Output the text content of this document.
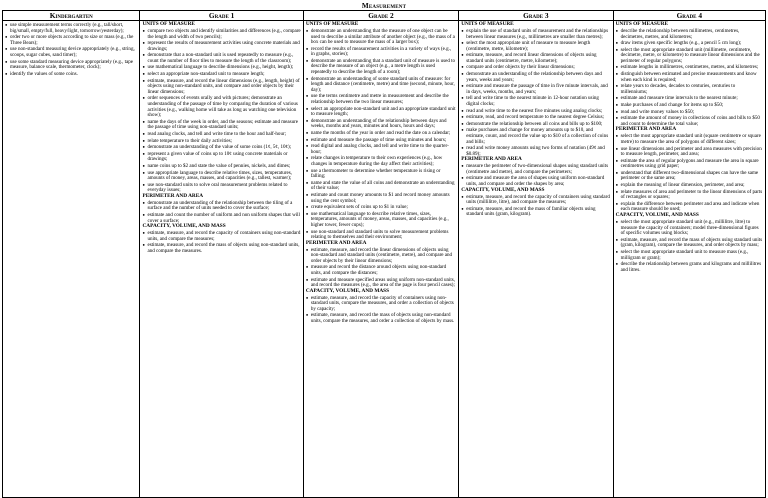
Measurement
Kindergarten

● use simple measurement terms correctly (e.g., tall/short, big/small, empty/full, heavy/light, tomorrow/yesterday);

● order two or more objects according to size or mass (e.g., the Three Bears);

● use non-standard measuring device appropriately (e.g., string, scoops, sugar cubes, sand timer);

● use some standard measuring device appropriately (e.g., tape measure, balance scale, thermometer, clock);

● identify the values of some coins.

Grade 1
UNITS OF MEASURE

● compare two objects and identify similarities and differences (e.g., compare the length and width of two pencils);

● represent the results of measurement activities using concrete materials and drawings;

● demonstrate that a non-standard unit is used repeatedly to measure (e.g., count the number of floor tiles to measure the length of the classroom);

● use mathematical language to describe dimensions (e.g., height, length);

● select an appropriate non-standard unit to measure length;

● estimate, measure, and record the linear dimensions (e.g., length, height) of objects using non-standard units, and compare and order objects by their linear dimensions;

● order sequences of events orally and with pictures; demonstrate an understanding of the passage of time by comparing the duration of various activities (e.g., walking home will take as long as watching one television show);

● name the days of the week in order, and the seasons; estimate and measure the passage of time using non-standard units;

● read analog clocks, and tell and write time to the hour and half-hour;

● relate temperature to their daily activities;

● demonstrate an understanding of the value of some coins (1¢, 5¢, 10¢);

● represent a given value of coins up to 10¢ using concrete materials or drawings;

● name coins up to $2 and state the value of pennies, nickels, and dimes;

● use appropriate language to describe relative times, sizes, temperatures, amounts of money, areas, masses, and capacities (e.g., tallest, warmer);

● use non-standard units to solve oral measurement problems related to everyday issues;

PERIMETER AND AREA

● demonstrate an understanding of the relationship between the tiling of a surface and the number of units needed to cover the surface;

● estimate and count the number of uniform and non uniform shapes that will cover a surface;

CAPACITY, VOLUME, AND MASS

● estimate, measure, and record the capacity of containers using non-standard units, and compare the measures;

● estimate, measure, and record the mass of objects using non-standard units, and compare the measures.

Grade 2
UNITS OF MEASURE

● demonstrate an understanding that the measure of one object can be used to describe a similar attribute of another object (e.g., the mass of a box can be used to measure the mass of a larger box);

● record the results of measurement activities in a variety of ways (e.g., in graphs, stories);

● demonstrate an understanding that a standard unit of measure is used to describe the measure of an object (e.g., a metre length is used repeatedly to describe the length of a room);

● demonstrate an understanding of some standard units of measure: for length and distance (centimetre, metre) and time (second, minute, hour, day);

● use the terms centimetre and metre in measurement and describe the relationship between the two linear measures;

● select an appropriate non-standard unit and an appropriate standard unit to measure length;

● demonstrate an understanding of the relationship between days and weeks, months and years, minutes and hours, hours and days;

● name the months of the year in order and read the date on a calendar;

● estimate and measure the passage of time using minutes and hours;

● read digital and analog clocks, and tell and write time to the quarter-hour;

● relate changes in temperature to their own experiences (e.g., how changes in temperature during the day affect their activities);

● use a thermometer to determine whether temperature is rising or falling;

● name and state the value of all coins and demonstrate an understanding of their value;

● estimate and count money amounts to $1 and record money amounts using the cent symbol;

● create equivalent sets of coins up to $1 in value;

● use mathematical language to describe relative times, sizes, temperatures, amounts of money, areas, masses, and capacities (e.g., higher tower, fewer cups);

● use non-standard and standard units to solve measurement problems relating to themselves and their environment;

PERIMETER AND AREA

● estimate, measure, and record the linear dimensions of objects using non-standard and standard units (centimetre, metre), and compare and order objects by their linear dimensions;

● measure and record the distance around objects using non-standard units, and compare the distances;

● estimate and measure specified areas using uniform non-standard units, and record the measures (e.g., the area of the page is four pencil cases);

CAPACITY, VOLUME, AND MASS

● estimate, measure, and record the capacity of containers using non-standard units, compare the measures, and order a collection of objects by capacity;

● estimate, measure, and record the mass of objects using non-standard units, compare the measures, and order a collection of objects by mass.

Grade 3
UNITS OF MEASURE

● explain the use of standard units of measurement and the relationships between linear measures (e.g., millimetres are smaller than metres);

● select the most appropriate unit of measure to measure length (centimetre, metre, kilometre);

● estimate, measure, and record linear dimensions of objects using standard units (centimetre, metre, kilometre);

● compare and order objects by their linear dimensions;

● demonstrate an understanding of the relationship between days and years, weeks and years;

● estimate and measure the passage of time in five minute intervals, and in days, weeks, months, and years;

● tell and write time to the nearest minute in 12-hour notation using digital clocks;

● read and write time to the nearest five minutes using analog clocks;

● estimate, read, and record temperature to the nearest degree Celsius;

● demonstrate the relationship between all coins and bills up to $100;

● make purchases and change for money amounts up to $10, and estimate, count, and record the value up to $10 of a collection of coins and bills;

● read and write money amounts using two forms of notation (49¢ and $0.89);

PERIMETER AND AREA

● measure the perimeter of two-dimensional shapes using standard units (centimetre and metre), and compare the perimeters;

● estimate and measure the area of shapes using uniform non-standard units, and compare and order the shapes by area;

CAPACITY, VOLUME, AND MASS

● estimate, measure, and record the capacity of containers using standard units (millilitre, litre), and compare the measures;

● estimate, measure, and record the mass of familiar objects using standard units (gram, kilogram).

Grade 4
UNITS OF MEASURE

● describe the relationship between millimetres, centimetres, decimetres, metres, and kilometres;

● draw items given specific lengths (e.g., a pencil 5 cm long);

● select the most appropriate standard unit (millimetre, centimetre, decimetre, metre, or kilometre) to measure linear dimensions and the perimeter of regular polygons;

● estimate lengths in millimetres, centimetres, metres, and kilometres;

● distinguish between estimated and precise measurements and know when each kind is required;

● relate years to decades, decades to centuries, centuries to millenniums;

● estimate and measure time intervals to the nearest minute;

● make purchases of and change for items up to $50;

● read and write money values to $50;

● estimate the amount of money in collections of coins and bills to $50 and count to determine the total value;

PERIMETER AND AREA

● select the most appropriate standard unit (square centimetre or square metre) to measure the area of polygons of different sizes;

● use linear dimensions and perimeter and area measures with precision to measure length, perimeter, and area;

● estimate the area of regular polygons and measure the area in square centimetres using grid paper;

● understand that different two-dimensional shapes can have the same perimeter or the same area;

● explain the meaning of linear dimension, perimeter, and area;

● relate measures of area and perimeter to the linear dimensions of parts of rectangles or squares;

● explain the difference between perimeter and area and indicate when each measure should be used;

CAPACITY, VOLUME, AND MASS

● select the most appropriate standard unit (e.g., millilitre, litre) to measure the capacity of containers; model three-dimensional figures of specific volumes using blocks;

● estimate, measure, and record the mass of objects using standard units (gram, kilogram), compare the measures, and order objects by mass;

● select the most appropriate standard unit to measure mass (e.g., milligram or gram);

● describe the relationship between grams and kilograms and millilitres and litres.
